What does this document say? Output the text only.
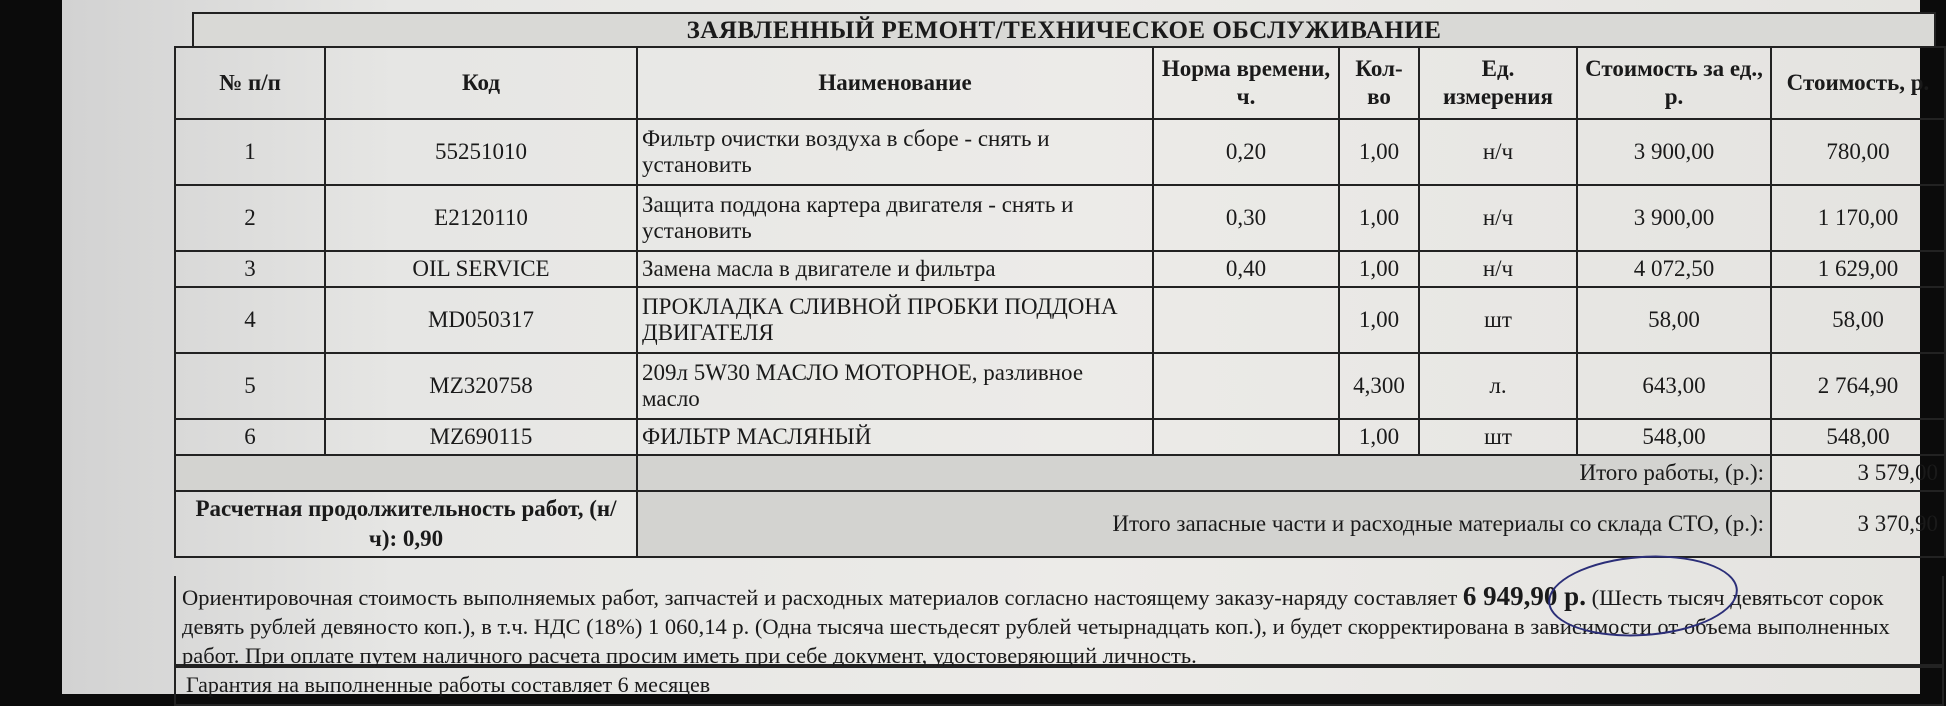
ЗАЯВЛЕННЫЙ РЕМОНТ/ТЕХНИЧЕСКОЕ ОБСЛУЖИВАНИЕ
№ п/п	Код	Наименование	Норма времени, ч.	Кол-во	Ед. измерения	Стоимость за ед., р.	Стоимость, р.
1	55251010	Фильтр очистки воздуха в сборе - снять и установить	0,20	1,00	н/ч	3 900,00	780,00
2	E2120110	Защита поддона картера двигателя - снять и установить	0,30	1,00	н/ч	3 900,00	1 170,00
3	OIL SERVICE	Замена масла в двигателе и фильтра	0,40	1,00	н/ч	4 072,50	1 629,00
4	MD050317	ПРОКЛАДКА СЛИВНОЙ ПРОБКИ ПОДДОНА ДВИГАТЕЛЯ		1,00	шт	58,00	58,00
5	MZ320758	209л 5W30 МАСЛО МОТОРНОЕ, разливное масло		4,300	л.	643,00	2 764,90
6	MZ690115	ФИЛЬТР МАСЛЯНЫЙ		1,00	шт	548,00	548,00
		Итого работы, (р.):					3 579,00
Расчетная продолжительность работ, (н/ч): 0,90		Итого запасные части и расходные материалы со склада СТО, (р.):					3 370,90
Ориентировочная стоимость выполняемых работ, запчастей и расходных материалов согласно настоящему заказу-наряду составляет 6 949,90 р. (Шесть тысяч девятьсот сорок девять рублей девяносто коп.), в т.ч. НДС (18%) 1 060,14 р. (Одна тысяча шестьдесят рублей четырнадцать коп.), и будет скорректирована в зависимости от объема выполненных работ. При оплате путем наличного расчета просим иметь при себе документ, удостоверяющий личность.
Гарантия на выполненные работы составляет 6 месяцев
